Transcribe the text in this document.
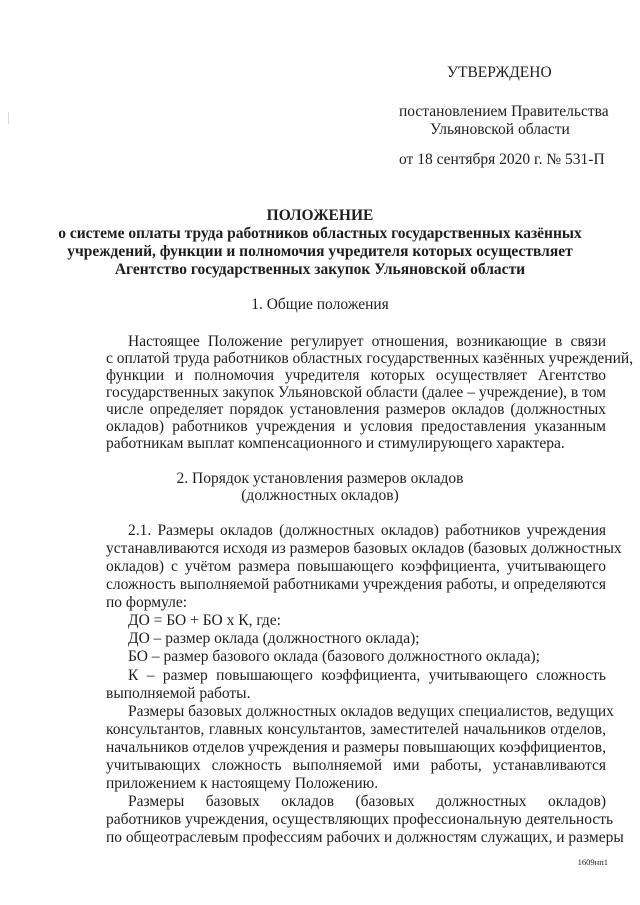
УТВЕРЖДЕНО
постановлением Правительства
Ульяновской области
от 18 сентября 2020 г. № 531-П
ПОЛОЖЕНИЕ
о системе оплаты труда работников областных государственных казённых
учреждений, функции и полномочия учредителя которых осуществляет
Агентство государственных закупок Ульяновской области
1. Общие положения
Настоящее Положение регулирует отношения, возникающие в связи
с оплатой труда работников областных государственных казённых учреждений,
функции и полномочия учредителя которых осуществляет Агентство
государственных закупок Ульяновской области (далее – учреждение), в том
числе определяет порядок установления размеров окладов (должностных
окладов) работников учреждения и условия предоставления указанным
работникам выплат компенсационного и стимулирующего характера.
2. Порядок установления размеров окладов
(должностных окладов)
2.1. Размеры окладов (должностных окладов) работников учреждения
устанавливаются исходя из размеров базовых окладов (базовых должностных
окладов) с учётом размера повышающего коэффициента, учитывающего
сложность выполняемой работниками учреждения работы, и определяются
по формуле:
ДО = БО + БО х К, где:
ДО – размер оклада (должностного оклада);
БО – размер базового оклада (базового должностного оклада);
К – размер повышающего коэффициента, учитывающего сложность
выполняемой работы.
Размеры базовых должностных окладов ведущих специалистов, ведущих
консультантов, главных консультантов, заместителей начальников отделов,
начальников отделов учреждения и размеры повышающих коэффициентов,
учитывающих сложность выполняемой ими работы, устанавливаются
приложением к настоящему Положению.
Размеры базовых окладов (базовых должностных окладов)
работников учреждения, осуществляющих профессиональную деятельность
по общеотраслевым профессиям рабочих и должностям служащих, и размеры
1609нп1
